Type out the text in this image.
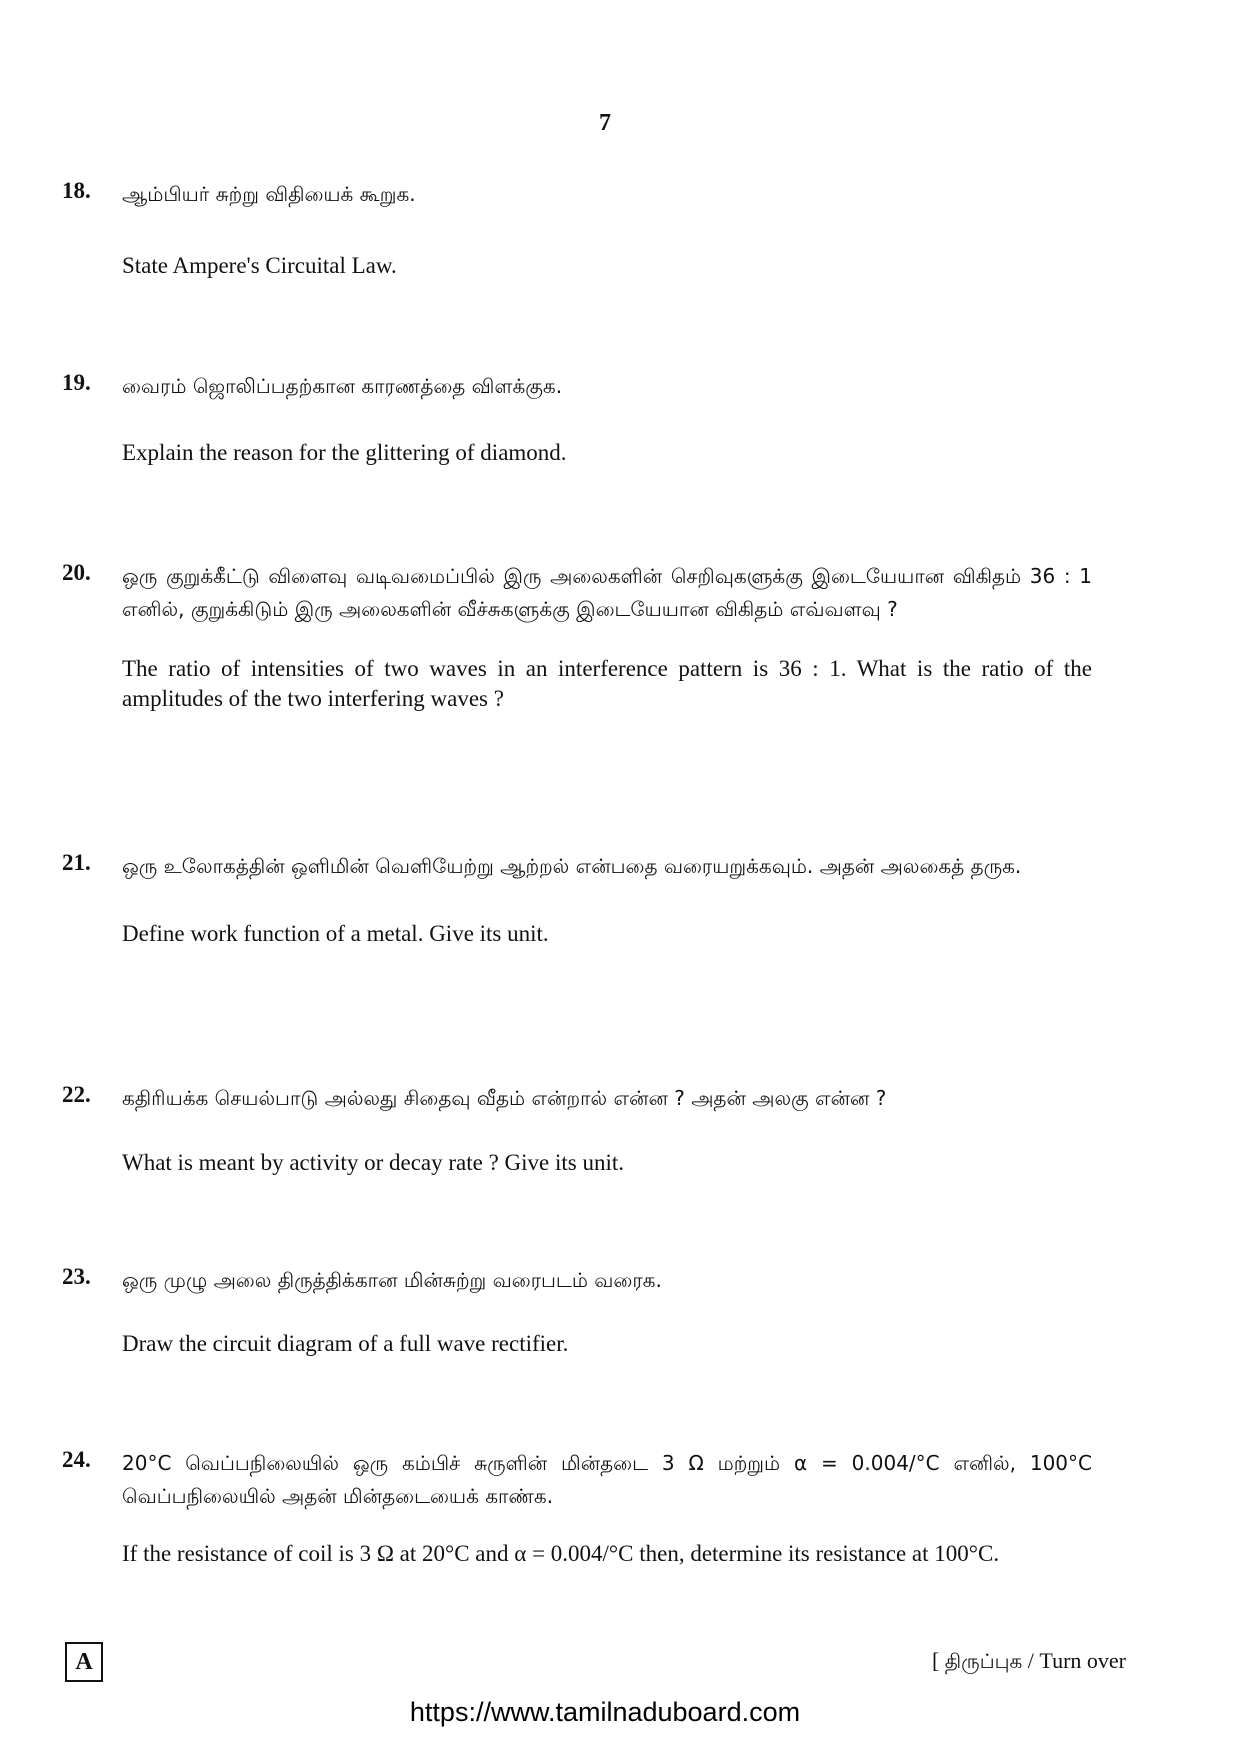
7
18.	ஆம்பியர் சுற்று விதியைக் கூறுக.

State Ampere's Circuital Law.

19.	வைரம் ஜொலிப்பதற்கான காரணத்தை விளக்குக.

Explain the reason for the glittering of diamond.

20.	ஒரு குறுக்கீட்டு விளைவு வடிவமைப்பில் இரு அலைகளின் செறிவுகளுக்கு இடையேயான விகிதம் 36 : 1 எனில், குறுக்கிடும் இரு அலைகளின் வீச்சுகளுக்கு இடையேயான விகிதம் எவ்வளவு ?

The ratio of intensities of two waves in an interference pattern is 36 : 1. What is the ratio of the amplitudes of the two interfering waves ?

21.	ஒரு உலோகத்தின் ஒளிமின் வெளியேற்று ஆற்றல் என்பதை வரையறுக்கவும். அதன் அலகைத் தருக.

Define work function of a metal. Give its unit.

22.	கதிரியக்க செயல்பாடு அல்லது சிதைவு வீதம் என்றால் என்ன ? அதன் அலகு என்ன ?

What is meant by activity or decay rate ? Give its unit.

23.	ஒரு முழு அலை திருத்திக்கான மின்சுற்று வரைபடம் வரைக.

Draw the circuit diagram of a full wave rectifier.

24.	20°C வெப்பநிலையில் ஒரு கம்பிச் சுருளின் மின்தடை 3 Ω மற்றும் α = 0.004/°C எனில், 100°C வெப்பநிலையில் அதன் மின்தடையைக் காண்க.

If the resistance of coil is 3 Ω at 20°C and α = 0.004/°C then, determine its resistance at 100°C.

A	[ திருப்புக / Turn over
https://www.tamilnaduboard.com
